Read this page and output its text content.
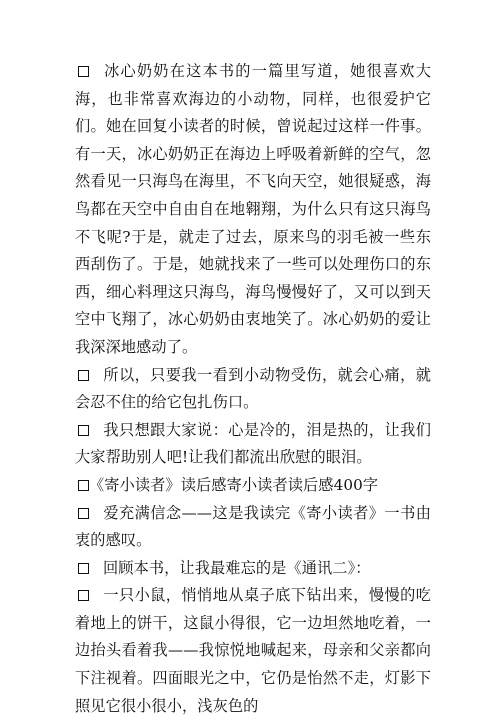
冰心奶奶在这本书的一篇里写道，她很喜欢大海，也非常喜欢海边的小动物，同样，也很爱护它们。她在回复小读者的时候，曾说起过这样一件事。有一天，冰心奶奶正在海边上呼吸着新鲜的空气，忽然看见一只海鸟在海里，不飞向天空，她很疑惑，海鸟都在天空中自由自在地翱翔，为什么只有这只海鸟不飞呢?于是，就走了过去，原来鸟的羽毛被一些东西刮伤了。于是，她就找来了一些可以处理伤口的东西，细心料理这只海鸟，海鸟慢慢好了，又可以到天空中飞翔了，冰心奶奶由衷地笑了。冰心奶奶的爱让我深深地感动了。

所以，只要我一看到小动物受伤，就会心痛，就会忍不住的给它包扎伤口。

我只想跟大家说：心是冷的，泪是热的，让我们大家帮助别人吧!让我们都流出欣慰的眼泪。

《寄小读者》读后感寄小读者读后感400字

爱充满信念——这是我读完《寄小读者》一书由衷的感叹。

回顾本书，让我最难忘的是《通讯二》：

一只小鼠，悄悄地从桌子底下钻出来，慢慢的吃着地上的饼干，这鼠小得很，它一边坦然地吃着，一边抬头看着我——我惊悦地喊起来，母亲和父亲都向下注视着。四面眼光之中，它仍是怡然不走，灯影下照见它很小很小，浅灰色的
